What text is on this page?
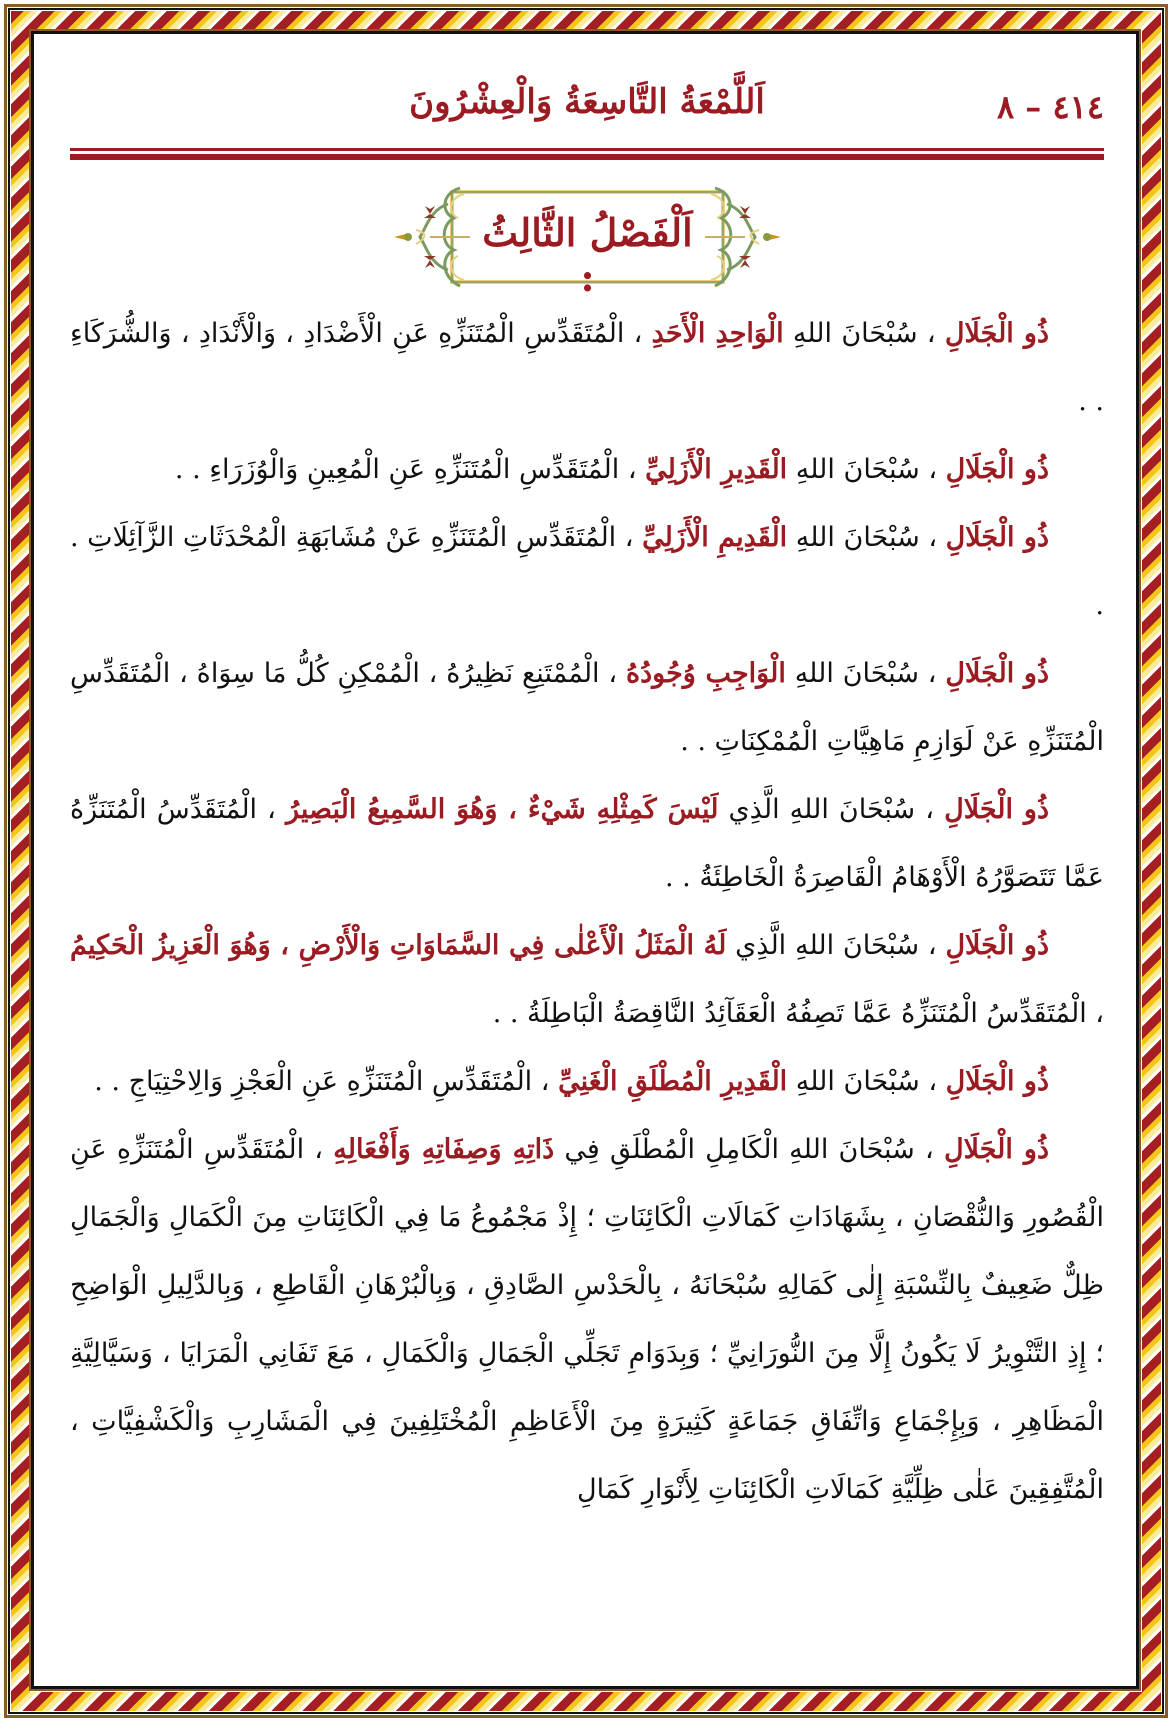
٤١٤ – ٨
اَللَّمْعَةُ التَّاسِعَةُ وَالْعِشْرُونَ
اَلْفَصْلُ الثَّالِثُ :

ذُو الْجَلَالِ ، سُبْحَانَ اللهِ الْوَاحِدِ الْأَحَدِ ، الْمُتَقَدِّسِ الْمُتَنَزِّهِ عَنِ الْأَضْدَادِ ، وَالْأَنْدَادِ ، وَالشُّرَكَاءِ . .

ذُو الْجَلَالِ ، سُبْحَانَ اللهِ الْقَدِيرِ الْأَزَلِيِّ ، الْمُتَقَدِّسِ الْمُتَنَزِّهِ عَنِ الْمُعِينِ وَالْوُزَرَاءِ . .

ذُو الْجَلَالِ ، سُبْحَانَ اللهِ الْقَدِيمِ الْأَزَلِيِّ ، الْمُتَقَدِّسِ الْمُتَنَزِّهِ عَنْ مُشَابَهَةِ الْمُحْدَثَاتِ الزَّآئِلَاتِ . .

ذُو الْجَلَالِ ، سُبْحَانَ اللهِ الْوَاجِبِ وُجُودُهُ ، الْمُمْتَنِعِ نَظِيرُهُ ، الْمُمْكِنِ كُلُّ مَا سِوَاهُ ، الْمُتَقَدِّسِ الْمُتَنَزِّهِ عَنْ لَوَازِمِ مَاهِيَّاتِ الْمُمْكِنَاتِ . .

ذُو الْجَلَالِ ، سُبْحَانَ اللهِ الَّذِي لَيْسَ كَمِثْلِهِ شَيْءٌ ، وَهُوَ السَّمِيعُ الْبَصِيرُ ، الْمُتَقَدِّسُ الْمُتَنَزِّهُ عَمَّا تَتَصَوَّرُهُ الْأَوْهَامُ الْقَاصِرَةُ الْخَاطِئَةُ . .

ذُو الْجَلَالِ ، سُبْحَانَ اللهِ الَّذِي لَهُ الْمَثَلُ الْأَعْلٰى فِي السَّمَاوَاتِ وَالْأَرْضِ ، وَهُوَ الْعَزِيزُ الْحَكِيمُ ، الْمُتَقَدِّسُ الْمُتَنَزِّهُ عَمَّا تَصِفُهُ الْعَقَآئِدُ النَّاقِصَةُ الْبَاطِلَةُ . .

ذُو الْجَلَالِ ، سُبْحَانَ اللهِ الْقَدِيرِ الْمُطْلَقِ الْغَنِيِّ ، الْمُتَقَدِّسِ الْمُتَنَزِّهِ عَنِ الْعَجْزِ وَالِاحْتِيَاجِ . .

ذُو الْجَلَالِ ، سُبْحَانَ اللهِ الْكَامِلِ الْمُطْلَقِ فِي ذَاتِهِ وَصِفَاتِهِ وَأَفْعَالِهِ ، الْمُتَقَدِّسِ الْمُتَنَزِّهِ عَنِ الْقُصُورِ وَالنُّقْصَانِ ، بِشَهَادَاتِ كَمَالَاتِ الْكَائِنَاتِ ؛ إِذْ مَجْمُوعُ مَا فِي الْكَائِنَاتِ مِنَ الْكَمَالِ وَالْجَمَالِ ظِلٌّ ضَعِيفٌ بِالنِّسْبَةِ إِلٰى كَمَالِهِ سُبْحَانَهُ ، بِالْحَدْسِ الصَّادِقِ ، وَبِالْبُرْهَانِ الْقَاطِعِ ، وَبِالدَّلِيلِ الْوَاضِحِ ؛ إِذِ التَّنْوِيرُ لَا يَكُونُ إِلَّا مِنَ النُّورَانِيِّ ؛ وَبِدَوَامِ تَجَلِّي الْجَمَالِ وَالْكَمَالِ ، مَعَ تَفَانِي الْمَرَايَا ، وَسَيَّالِيَّةِ الْمَظَاهِرِ ، وَبِإِجْمَاعِ وَاتِّفَاقِ جَمَاعَةٍ كَثِيرَةٍ مِنَ الْأَعَاظِمِ الْمُخْتَلِفِينَ فِي الْمَشَارِبِ وَالْكَشْفِيَّاتِ ، الْمُتَّفِقِينَ عَلٰى ظِلِّيَّةِ كَمَالَاتِ الْكَائِنَاتِ لِأَنْوَارِ كَمَالِ
